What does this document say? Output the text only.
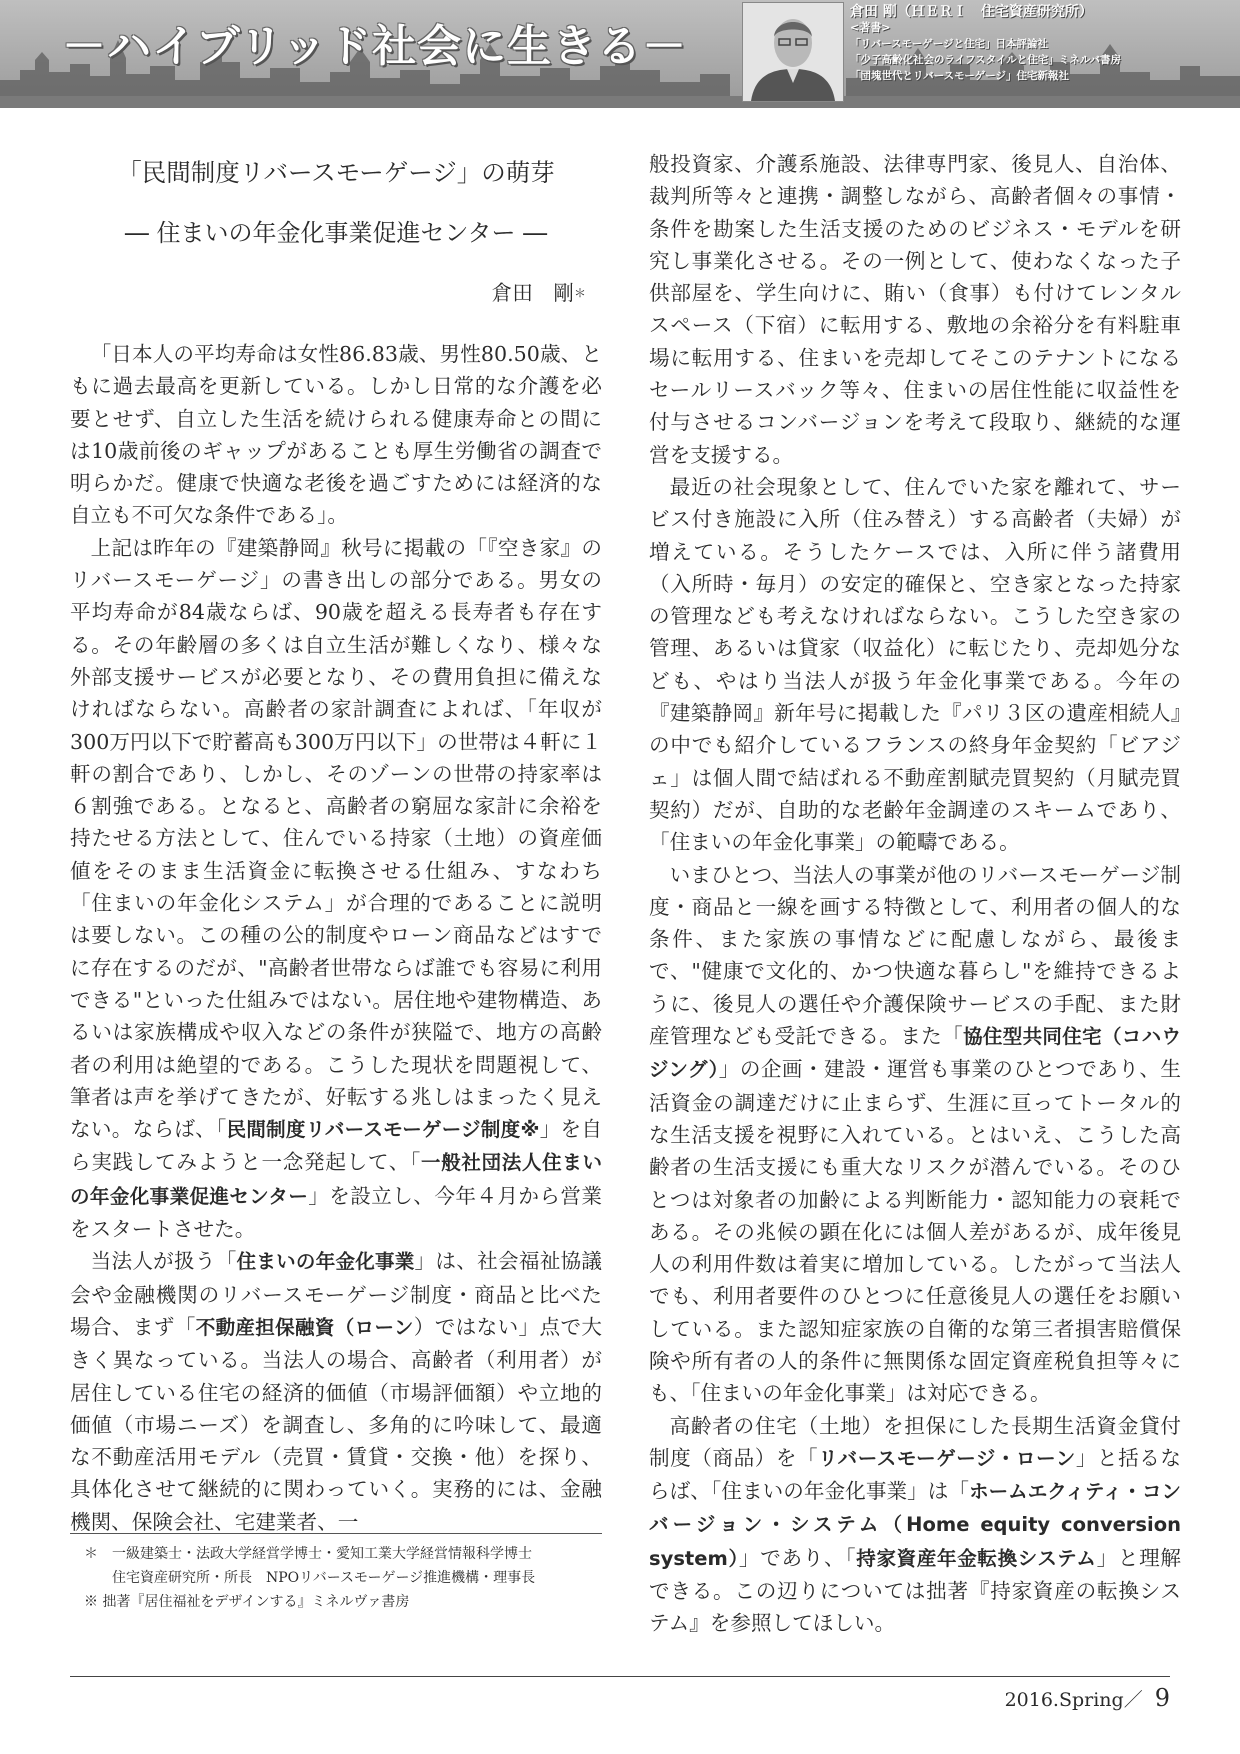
－ハイブリッド社会に生きる－
倉田 剛（ＨＥＲＩ　住宅資産研究所）
<著書>
「リバースモーゲージと住宅」日本評論社
「少子高齢化社会のライフスタイルと住宅」ミネルバ書房
「団塊世代とリバースモーゲージ」住宅新報社
「民間制度リバースモーゲージ」の萌芽
― 住まいの年金化事業促進センター ―
倉田　剛＊

「日本人の平均寿命は女性86.83歳、男性80.50歳、ともに過去最高を更新している。しかし日常的な介護を必要とせず、自立した生活を続けられる健康寿命との間には10歳前後のギャップがあることも厚生労働省の調査で明らかだ。健康で快適な老後を過ごすためには経済的な自立も不可欠な条件である」。

上記は昨年の『建築静岡』秋号に掲載の「『空き家』のリバースモーゲージ」の書き出しの部分である。男女の平均寿命が84歳ならば、90歳を超える長寿者も存在する。その年齢層の多くは自立生活が難しくなり、様々な外部支援サービスが必要となり、その費用負担に備えなければならない。高齢者の家計調査によれば、「年収が300万円以下で貯蓄高も300万円以下」の世帯は４軒に１軒の割合であり、しかし、そのゾーンの世帯の持家率は６割強である。となると、高齢者の窮屈な家計に余裕を持たせる方法として、住んでいる持家（土地）の資産価値をそのまま生活資金に転換させる仕組み、すなわち「住まいの年金化システム」が合理的であることに説明は要しない。この種の公的制度やローン商品などはすでに存在するのだが、"高齢者世帯ならば誰でも容易に利用できる"といった仕組みではない。居住地や建物構造、あるいは家族構成や収入などの条件が狭隘で、地方の高齢者の利用は絶望的である。こうした現状を問題視して、筆者は声を挙げてきたが、好転する兆しはまったく見えない。ならば、「民間制度リバースモーゲージ制度※」を自ら実践してみようと一念発起して、「一般社団法人住まいの年金化事業促進センター」を設立し、今年４月から営業をスタートさせた。

当法人が扱う「住まいの年金化事業」は、社会福祉協議会や金融機関のリバースモーゲージ制度・商品と比べた場合、まず「不動産担保融資（ローン）ではない」点で大きく異なっている。当法人の場合、高齢者（利用者）が居住している住宅の経済的価値（市場評価額）や立地的価値（市場ニーズ）を調査し、多角的に吟味して、最適な不動産活用モデル（売買・賃貸・交換・他）を探り、具体化させて継続的に関わっていく。実務的には、金融機関、保険会社、宅建業者、一

般投資家、介護系施設、法律専門家、後見人、自治体、裁判所等々と連携・調整しながら、高齢者個々の事情・条件を勘案した生活支援のためのビジネス・モデルを研究し事業化させる。その一例として、使わなくなった子供部屋を、学生向けに、賄い（食事）も付けてレンタルスペース（下宿）に転用する、敷地の余裕分を有料駐車場に転用する、住まいを売却してそこのテナントになるセールリースバック等々、住まいの居住性能に収益性を付与させるコンバージョンを考えて段取り、継続的な運営を支援する。

最近の社会現象として、住んでいた家を離れて、サービス付き施設に入所（住み替え）する高齢者（夫婦）が増えている。そうしたケースでは、入所に伴う諸費用（入所時・毎月）の安定的確保と、空き家となった持家の管理なども考えなければならない。こうした空き家の管理、あるいは貸家（収益化）に転じたり、売却処分なども、やはり当法人が扱う年金化事業である。今年の『建築静岡』新年号に掲載した『パリ３区の遺産相続人』の中でも紹介しているフランスの終身年金契約「ビアジェ」は個人間で結ばれる不動産割賦売買契約（月賦売買契約）だが、自助的な老齢年金調達のスキームであり、「住まいの年金化事業」の範疇である。

いまひとつ、当法人の事業が他のリバースモーゲージ制度・商品と一線を画する特徴として、利用者の個人的な条件、また家族の事情などに配慮しながら、最後まで、"健康で文化的、かつ快適な暮らし"を維持できるように、後見人の選任や介護保険サービスの手配、また財産管理なども受託できる。また「協住型共同住宅（コハウジング）」の企画・建設・運営も事業のひとつであり、生活資金の調達だけに止まらず、生涯に亘ってトータル的な生活支援を視野に入れている。とはいえ、こうした高齢者の生活支援にも重大なリスクが潜んでいる。そのひとつは対象者の加齢による判断能力・認知能力の衰耗である。その兆候の顕在化には個人差があるが、成年後見人の利用件数は着実に増加している。したがって当法人でも、利用者要件のひとつに任意後見人の選任をお願いしている。また認知症家族の自衛的な第三者損害賠償保険や所有者の人的条件に無関係な固定資産税負担等々にも、「住まいの年金化事業」は対応できる。

高齢者の住宅（土地）を担保にした長期生活資金貸付制度（商品）を「リバースモーゲージ・ローン」と括るならば、「住まいの年金化事業」は「ホームエクィティ・コンバージョン・システム（Home equity conversion system）」であり、「持家資産年金転換システム」と理解できる。この辺りについては拙著『持家資産の転換システム』を参照してほしい。

＊　一級建築士・法政大学経営学博士・愛知工業大学経営情報科学博士
　　住宅資産研究所・所長　NPOリバースモーゲージ推進機構・理事長
※ 拙著『居住福祉をデザインする』ミネルヴァ書房
2016.Spring／ 9
